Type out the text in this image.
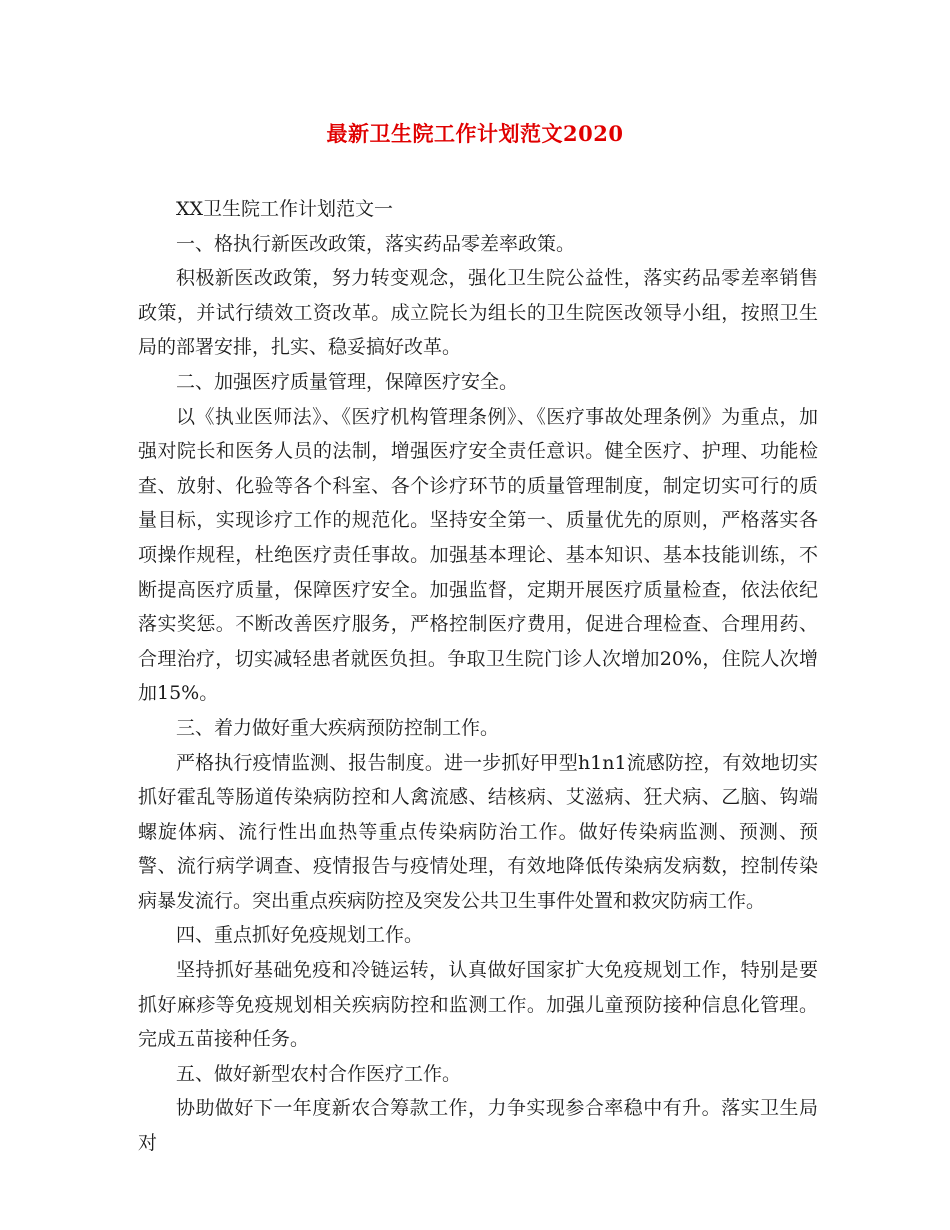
最新卫生院工作计划范文2020

XX卫生院工作计划范文一

一、格执行新医改政策，落实药品零差率政策。

积极新医改政策，努力转变观念，强化卫生院公益性，落实药品零差率销售政策，并试行绩效工资改革。成立院长为组长的卫生院医改领导小组，按照卫生局的部署安排，扎实、稳妥搞好改革。

二、加强医疗质量管理，保障医疗安全。

以《执业医师法》、《医疗机构管理条例》、《医疗事故处理条例》为重点，加强对院长和医务人员的法制，增强医疗安全责任意识。健全医疗、护理、功能检查、放射、化验等各个科室、各个诊疗环节的质量管理制度，制定切实可行的质量目标，实现诊疗工作的规范化。坚持安全第一、质量优先的原则，严格落实各项操作规程，杜绝医疗责任事故。加强基本理论、基本知识、基本技能训练，不断提高医疗质量，保障医疗安全。加强监督，定期开展医疗质量检查，依法依纪落实奖惩。不断改善医疗服务，严格控制医疗费用，促进合理检查、合理用药、合理治疗，切实减轻患者就医负担。争取卫生院门诊人次增加20%，住院人次增加15%。

三、着力做好重大疾病预防控制工作。

严格执行疫情监测、报告制度。进一步抓好甲型h1n1流感防控，有效地切实抓好霍乱等肠道传染病防控和人禽流感、结核病、艾滋病、狂犬病、乙脑、钩端螺旋体病、流行性出血热等重点传染病防治工作。做好传染病监测、预测、预警、流行病学调查、疫情报告与疫情处理，有效地降低传染病发病数，控制传染病暴发流行。突出重点疾病防控及突发公共卫生事件处置和救灾防病工作。

四、重点抓好免疫规划工作。

坚持抓好基础免疫和冷链运转，认真做好国家扩大免疫规划工作，特别是要抓好麻疹等免疫规划相关疾病防控和监测工作。加强儿童预防接种信息化管理。完成五苗接种任务。

五、做好新型农村合作医疗工作。

协助做好下一年度新农合筹款工作，力争实现参合率稳中有升。落实卫生局对
